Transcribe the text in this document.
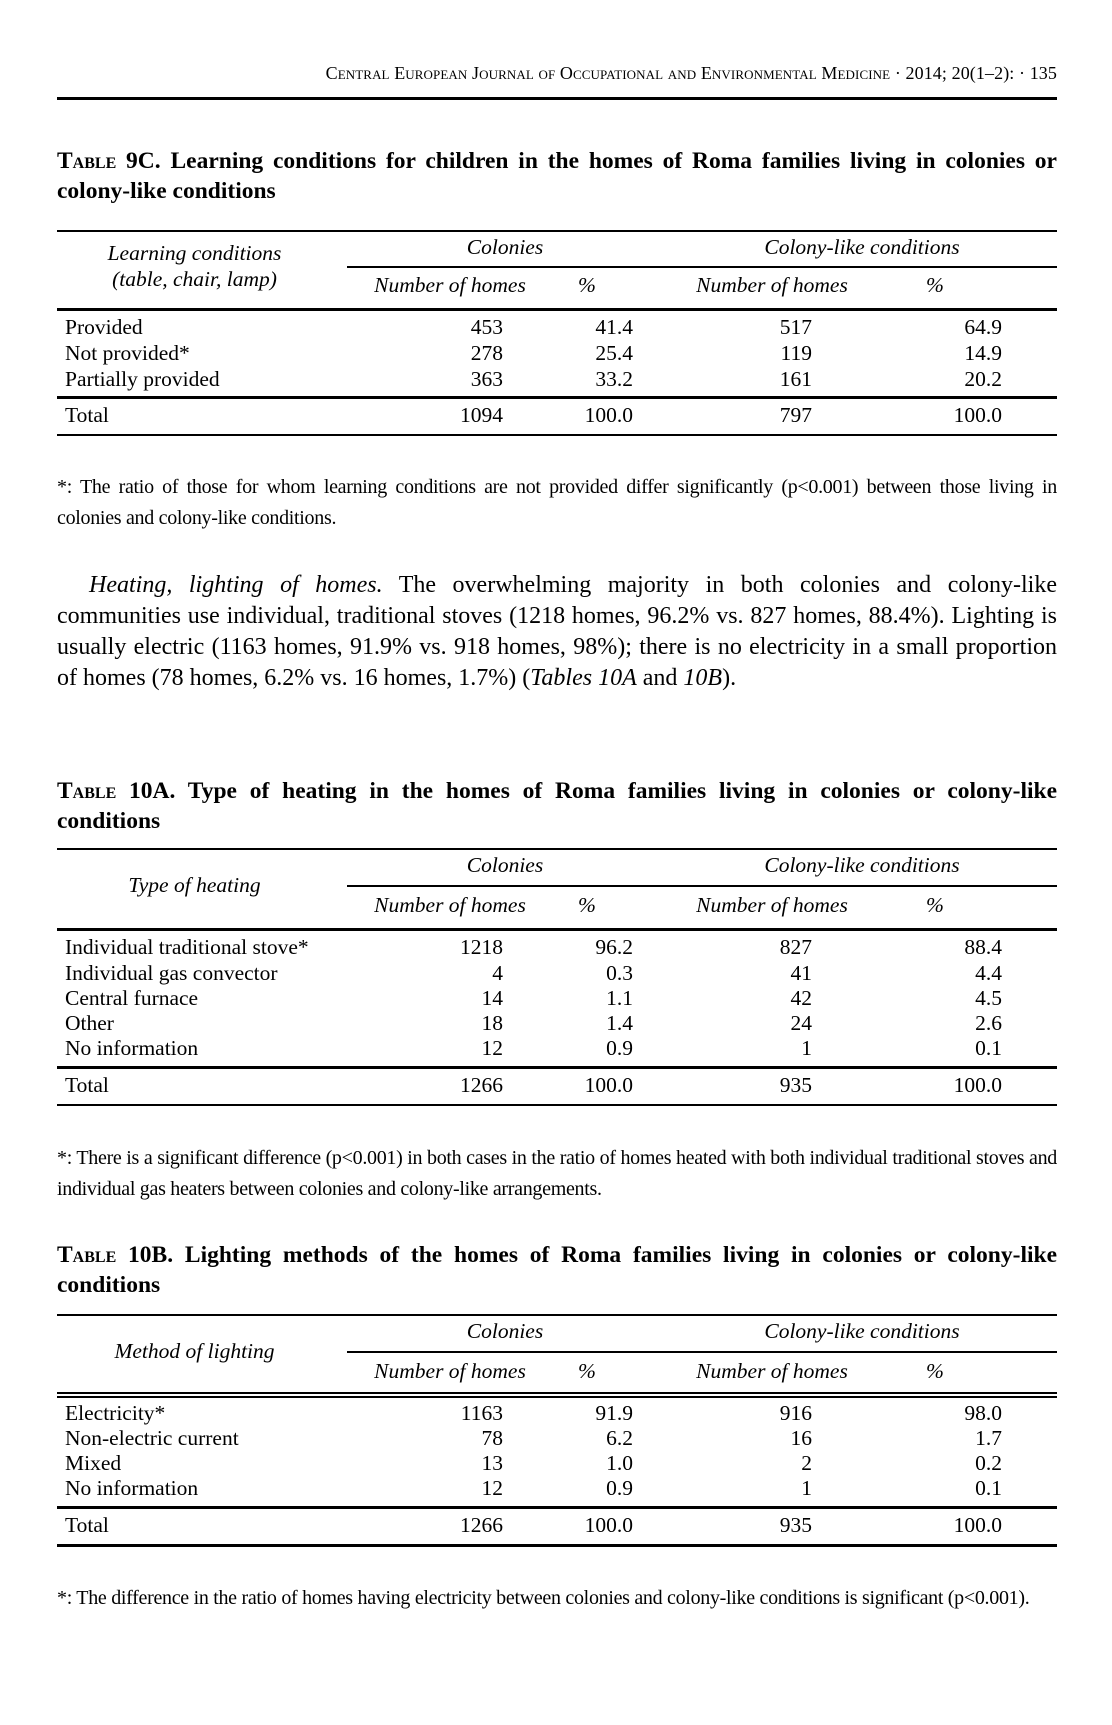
Central European Journal of Occupational and Environmental Medicine · 2014; 20(1–2): · 135
Table 9C. Learning conditions for children in the homes of Roma families living in colonies or colony-like conditions
Learning conditions
(table, chair, lamp)
Colonies	Colony-like conditions
Number of homes	%	Number of homes	%
Provided	453	41.4	517	64.9
Not provided*	278	25.4	119	14.9
Partially provided	363	33.2	161	20.2
Total	1094	100.0	797	100.0
*: The ratio of those for whom learning conditions are not provided differ significantly (p<0.001) between those living in colonies and colony-like conditions.

Heating, lighting of homes. The overwhelming majority in both colonies and colony-like communities use individual, traditional stoves (1218 homes, 96.2% vs. 827 homes, 88.4%). Lighting is usually electric (1163 homes, 91.9% vs. 918 homes, 98%); there is no electricity in a small proportion of homes (78 homes, 6.2% vs. 16 homes, 1.7%) (Tables 10A and 10B).

Table 10A. Type of heating in the homes of Roma families living in colonies or colony-like conditions
Type of heating
Colonies	Colony-like conditions
Number of homes	%	Number of homes	%
Individual traditional stove*	1218	96.2	827	88.4
Individual gas convector	4	0.3	41	4.4
Central furnace	14	1.1	42	4.5
Other	18	1.4	24	2.6
No information	12	0.9	1	0.1
Total	1266	100.0	935	100.0
*: There is a significant difference (p<0.001) in both cases in the ratio of homes heated with both individual traditional stoves and individual gas heaters between colonies and colony-like arrangements.
Table 10B. Lighting methods of the homes of Roma families living in colonies or colony-like conditions
Method of lighting
Colonies	Colony-like conditions
Number of homes	%	Number of homes	%
Electricity*	1163	91.9	916	98.0
Non-electric current	78	6.2	16	1.7
Mixed	13	1.0	2	0.2
No information	12	0.9	1	0.1
Total	1266	100.0	935	100.0
*: The difference in the ratio of homes having electricity between colonies and colony-like conditions is significant (p<0.001).
